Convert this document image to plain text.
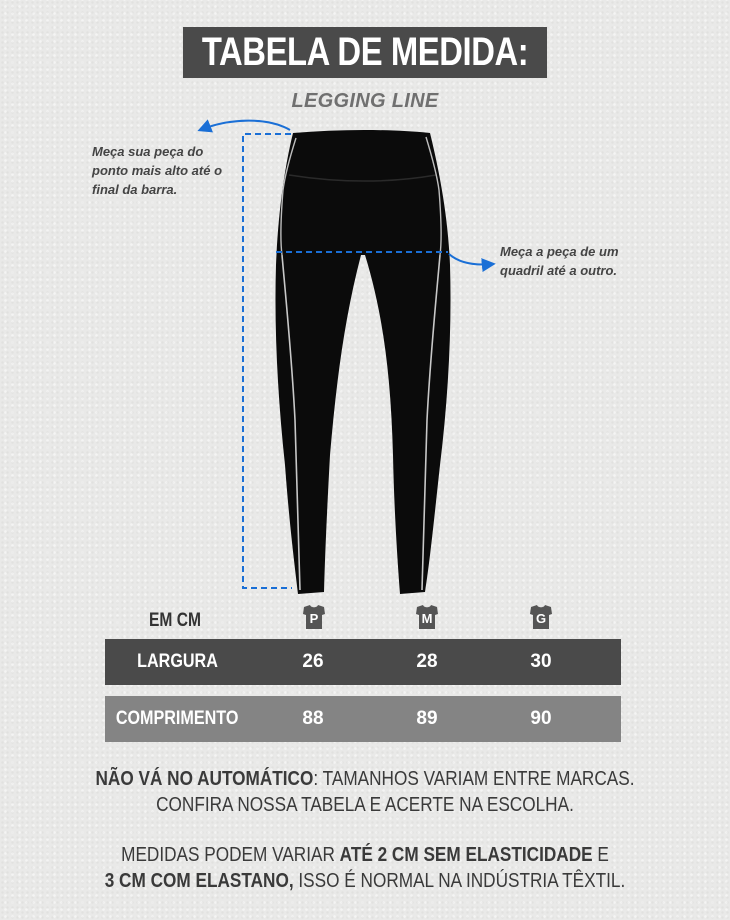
TABELA DE MEDIDA:
LEGGING LINE
Meça sua peça do ponto mais alto até o final da barra.
Meça a peça de um quadril até a outro.
EM CM	P	M	G
LARGURA	26	28	30
COMPRIMENTO	88	89	90
NÃO VÁ NO AUTOMÁTICO: TAMANHOS VARIAM ENTRE MARCAS.
CONFIRA NOSSA TABELA E ACERTE NA ESCOLHA.
MEDIDAS PODEM VARIAR ATÉ 2 CM SEM ELASTICIDADE E
3 CM COM ELASTANO, ISSO É NORMAL NA INDÚSTRIA TÊXTIL.
